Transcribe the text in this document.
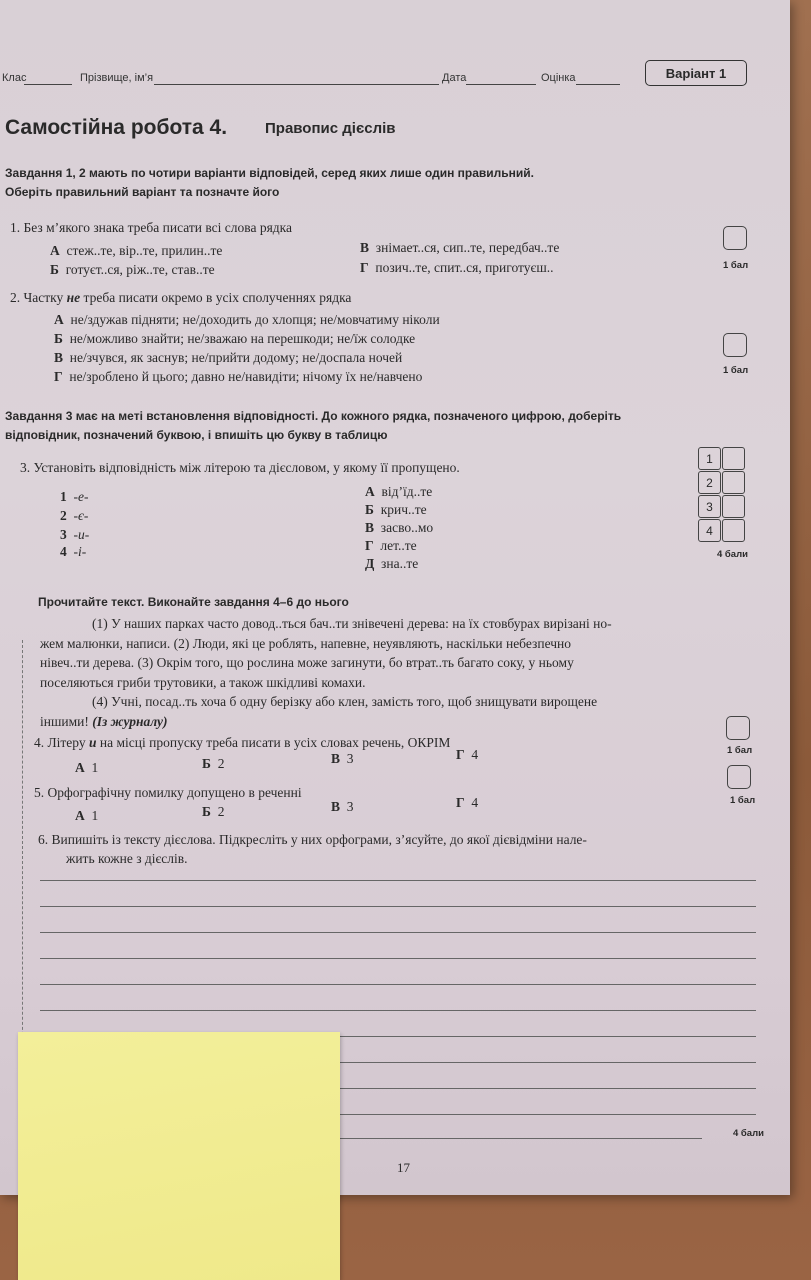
Клас	Прізвище, ім’я	Дата	Оцінка	Варіант 1
Самостійна робота 4.	Правопис дієслів
Завдання 1, 2 мають по чотири варіанти відповідей, серед яких лише один правильний.
Оберіть правильний варіант та позначте його
1. Без м’якого знака треба писати всі слова рядка
А стеж..те, вір..те, прилин..те
Б готуєт..ся, ріж..те, став..те
В знімает..ся, сип..те, передбач..те
Г позич..те, спит..ся, приготуєш..	1 бал
2. Частку не треба писати окремо в усіх сполученнях рядка
А не/здужав підняти; не/доходить до хлопця; не/мовчатиму ніколи
Б не/можливо знайти; не/зважаю на перешкоди; не/їж солодке
В не/зчувся, як заснув; не/прийти додому; не/доспала ночей
Г не/зроблено й цього; давно не/навидіти; нічому їх не/навчено	1 бал
Завдання 3 має на меті встановлення відповідності. До кожного рядка, позначеного цифрою, доберіть
відповідник, позначений буквою, і впишіть цю букву в таблицю
3. Установіть відповідність між літерою та дієсловом, у якому її пропущено.
1 -е-
2 -є-
3 -и-
4 -і-
А від’їд..те
Б крич..те
В засво..мо
Г лет..те
Д зна..те
1
2
3
4
4 бали
Прочитайте текст. Виконайте завдання 4–6 до нього
(1) У наших парках часто довод..ться бач..ти знівечені дерева: на їх стовбурах вирізані но-
жем малюнки, написи. (2) Люди, які це роблять, напевне, неуявляють, наскільки небезпечно
нівеч..ти дерева. (3) Окрім того, що рослина може загинути, бо втрат..ть багато соку, у ньому
поселяються гриби трутовики, а також шкідливі комахи.
(4) Учні, посад..ть хоча б одну берізку або клен, замість того, щоб знищувати вирощене
іншими! (Із журналу)
4. Літеру и на місці пропуску треба писати в усіх словах речень, ОКРІМ
А 1	Б 2	В 3	Г 4	1 бал
5. Орфографічну помилку допущено в реченні
А 1	Б 2	В 3	Г 4	1 бал
6. Випишіть із тексту дієслова. Підкресліть у них орфограми, з’ясуйте, до якої дієвідміни нале-
жить кожне з дієслів.
4 бали
17
